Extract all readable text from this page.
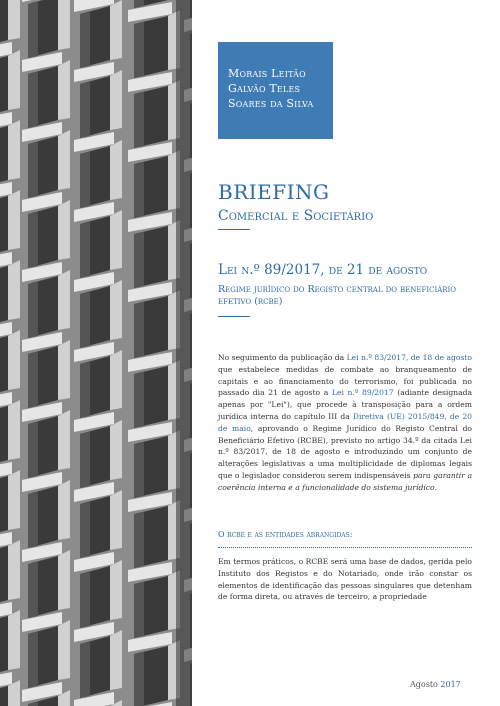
Morais Leitão
Galvão Teles
Soares da Silva
BRIEFING
Comercial e Societário
Lei n.º 89/2017, de 21 de agosto
Regime jurídico do Registo central do beneficiário efetivo (rcbe)
No seguimento da publicação da Lei n.º 83/2017, de 18 de agosto que estabelece medidas de combate ao branqueamento de capitais e ao financiamento do terrorismo, foi publicada no passado dia 21 de agosto a Lei n.º 89/2017 (adiante designada apenas por "Lei"), que procede à transposição para a ordem jurídica interna do capítulo III da Diretiva (UE) 2015/849, de 20 de maio, aprovando o Regime Jurídico do Registo Central do Beneficiário Efetivo (RCBE), previsto no artigo 34.º da citada Lei n.º 83/2017, de 18 de agosto e introduzindo um conjunto de alterações legislativas a uma multiplicidade de diplomas legais que o legislador considerou serem indispensáveis para garantir a coerência interna e a funcionalidade do sistema jurídico.
O rcbe e as entidades abrangidas:
Em termos práticos, o RCBE será uma base de dados, gerida pelo Instituto dos Registos e do Notariado, onde irão constar os elementos de identificação das pessoas singulares que detenham de forma direta, ou através de terceiro, a propriedade
Agosto 2017
